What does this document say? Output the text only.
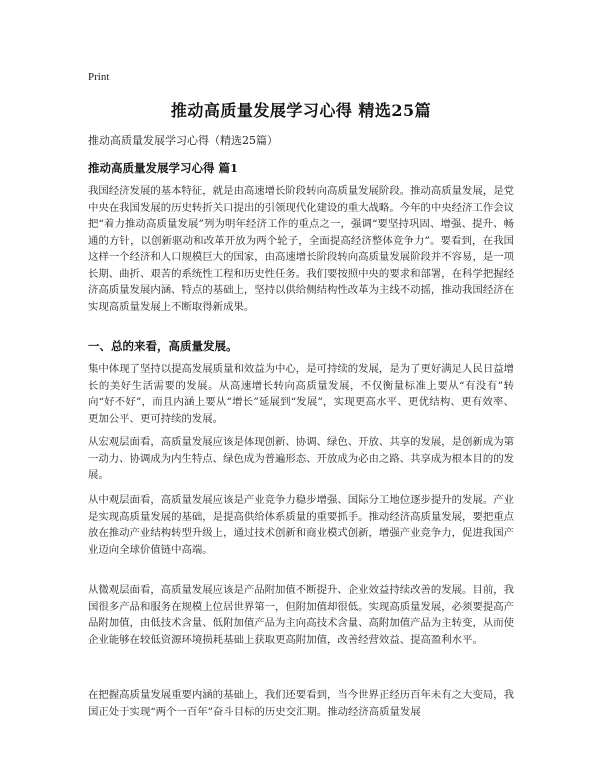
Print
推动高质量发展学习心得 精选25篇
推动高质量发展学习心得（精选25篇）
推动高质量发展学习心得 篇1

我国经济发展的基本特征，就是由高速增长阶段转向高质量发展阶段。推动高质量发展，是党中央在我国发展的历史转折关口提出的引领现代化建设的重大战略。今年的中央经济工作会议把“着力推动高质量发展”列为明年经济工作的重点之一，强调“要坚持巩固、增强、提升、畅通的方针，以创新驱动和改革开放为两个轮子，全面提高经济整体竞争力”。要看到，在我国这样一个经济和人口规模巨大的国家，由高速增长阶段转向高质量发展阶段并不容易，是一项长期、曲折、艰苦的系统性工程和历史性任务。我们要按照中央的要求和部署，在科学把握经济高质量发展内涵、特点的基础上，坚持以供给侧结构性改革为主线不动摇，推动我国经济在实现高质量发展上不断取得新成果。

一、总的来看，高质量发展。

集中体现了坚持以提高发展质量和效益为中心，是可持续的发展，是为了更好满足人民日益增长的美好生活需要的发展。从高速增长转向高质量发展，不仅衡量标准上要从“有没有”转向“好不好”，而且内涵上要从“增长”延展到“发展”，实现更高水平、更优结构、更有效率、更加公平、更可持续的发展。

从宏观层面看，高质量发展应该是体现创新、协调、绿色、开放、共享的发展，是创新成为第一动力、协调成为内生特点、绿色成为普遍形态、开放成为必由之路、共享成为根本目的的发展。

从中观层面看，高质量发展应该是产业竞争力稳步增强、国际分工地位逐步提升的发展。产业是实现高质量发展的基础，是提高供给体系质量的重要抓手。推动经济高质量发展，要把重点放在推动产业结构转型升级上，通过技术创新和商业模式创新，增强产业竞争力，促进我国产业迈向全球价值链中高端。

从微观层面看，高质量发展应该是产品附加值不断提升、企业效益持续改善的发展。目前，我国很多产品和服务在规模上位居世界第一，但附加值却很低。实现高质量发展，必须要提高产品附加值，由低技术含量、低附加值产品为主向高技术含量、高附加值产品为主转变，从而使企业能够在较低资源环境损耗基础上获取更高附加值，改善经营效益、提高盈利水平。

在把握高质量发展重要内涵的基础上，我们还要看到，当今世界正经历百年未有之大变局，我国正处于实现“两个一百年”奋斗目标的历史交汇期。推动经济高质量发展
